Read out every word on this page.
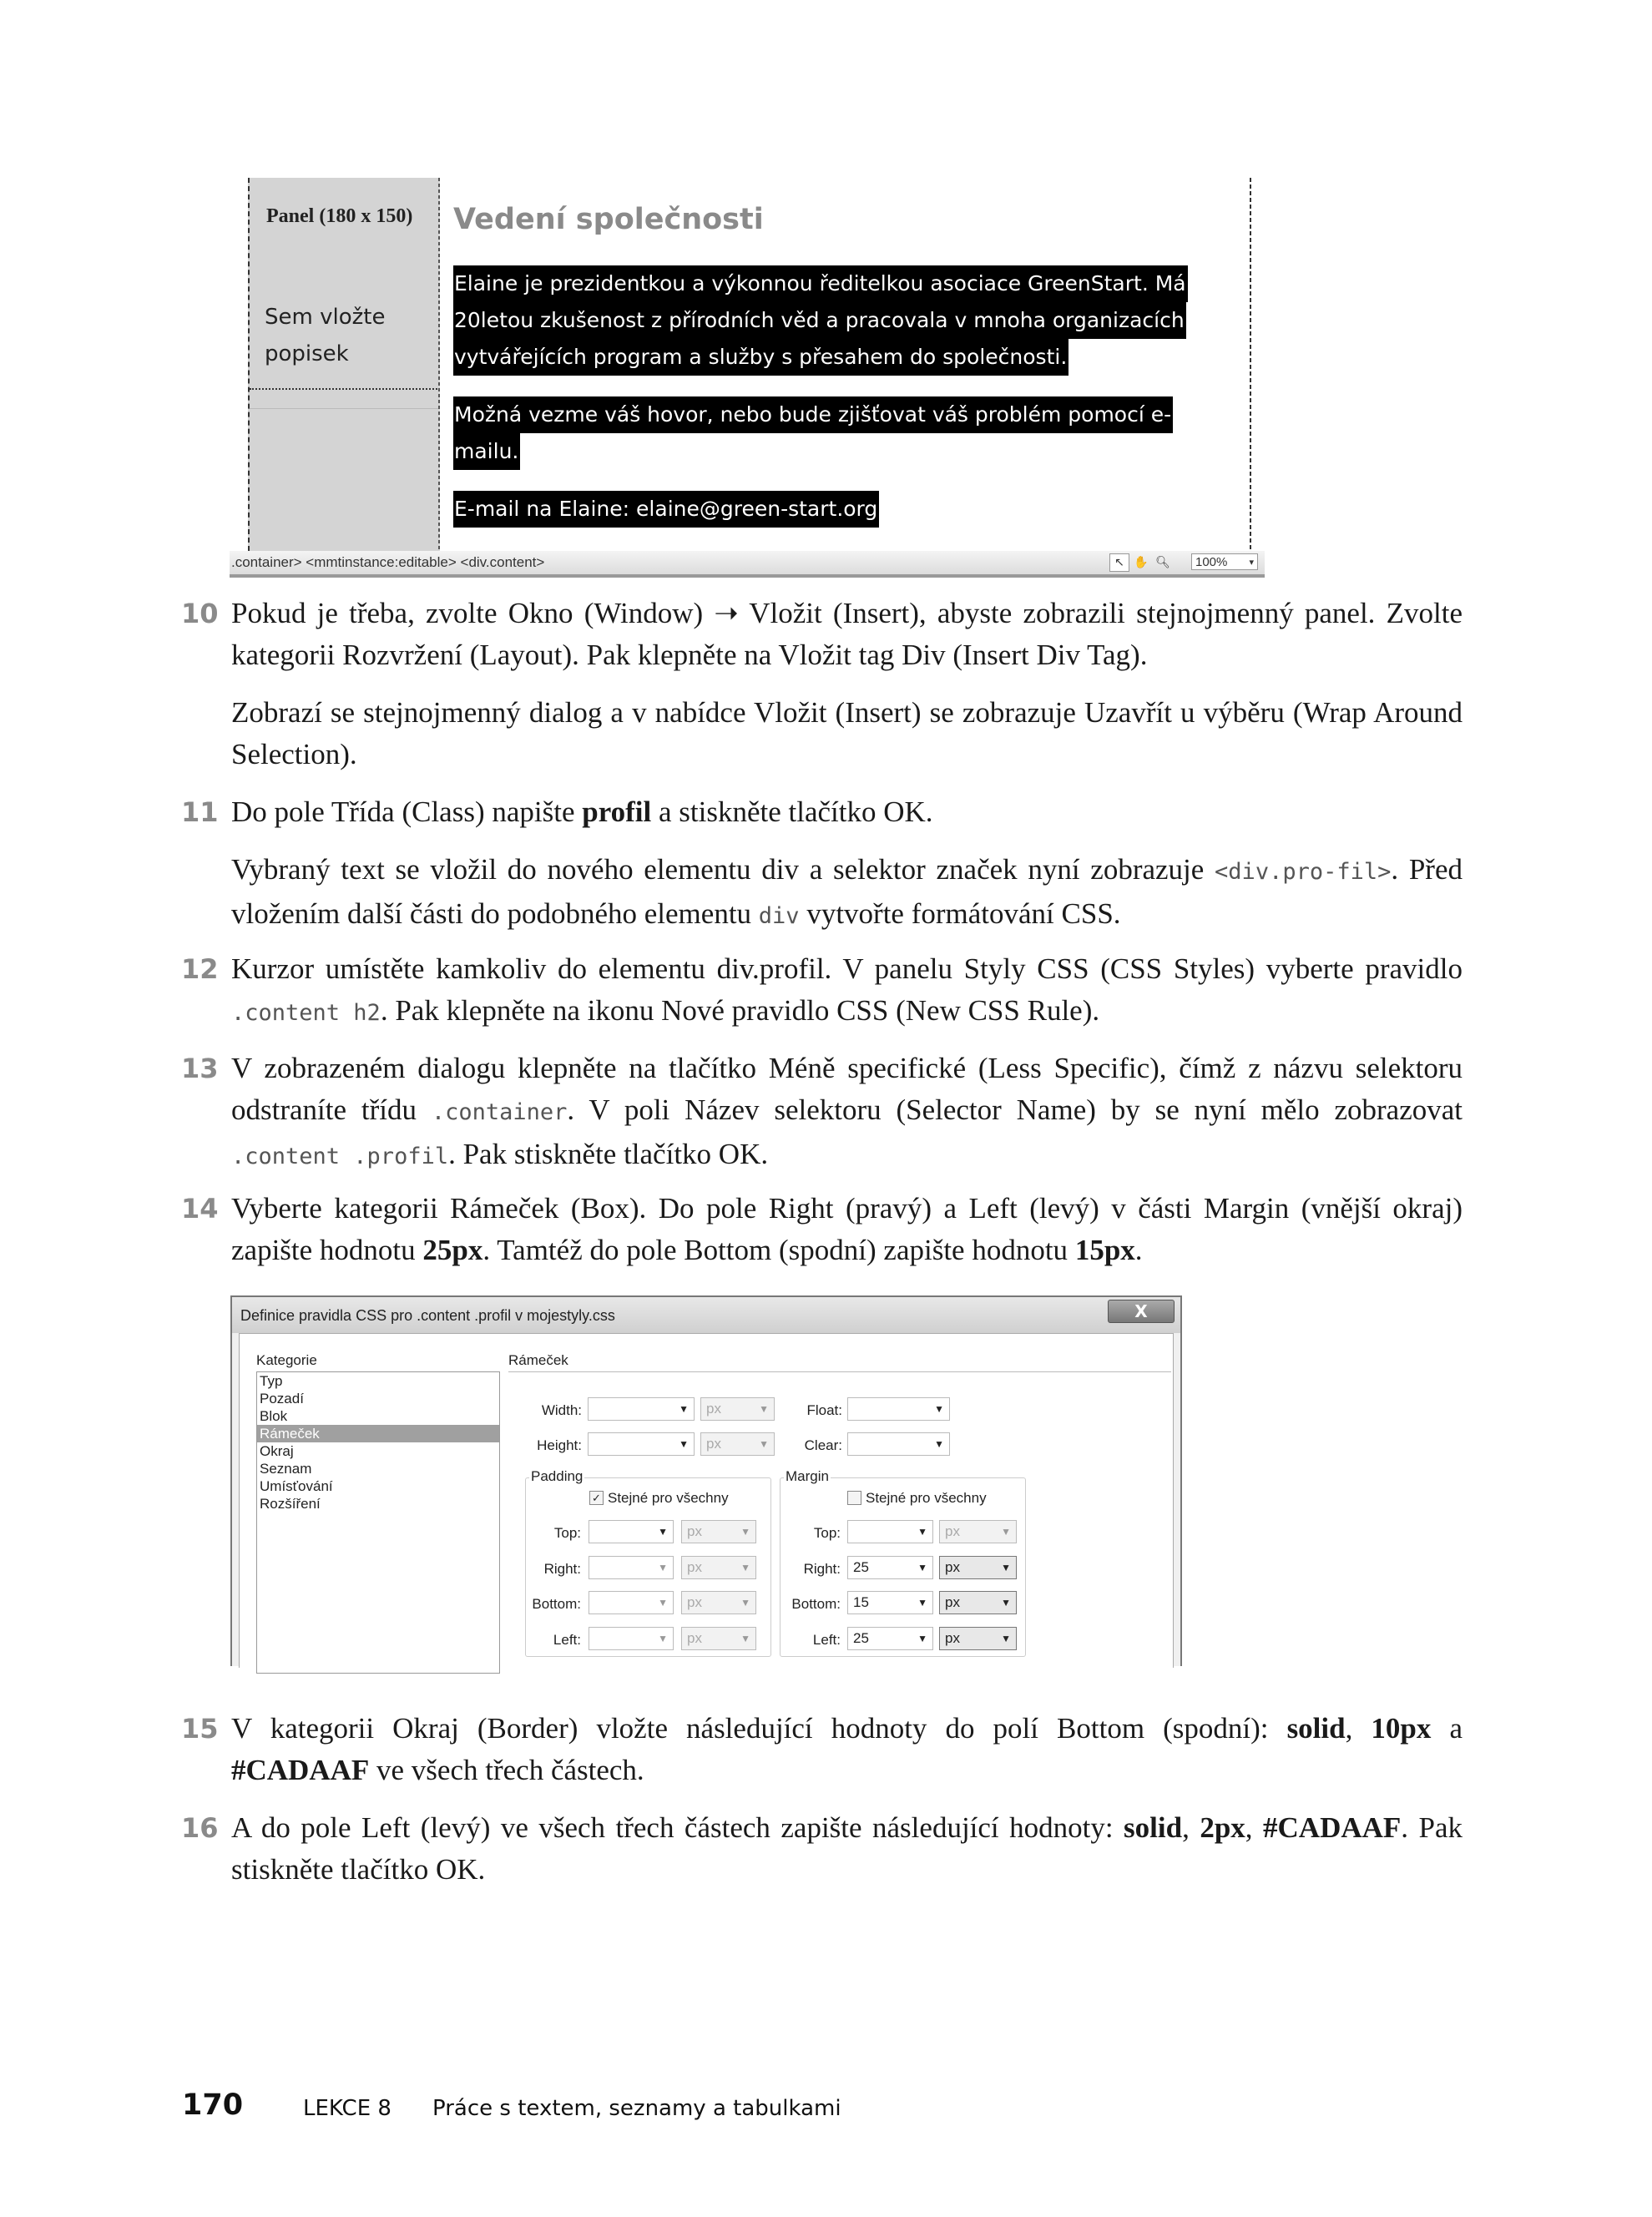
Panel (180 x 150)
Sem vložte
popisek
Vedení společnosti
Elaine je prezidentkou a výkonnou ředitelkou asociace GreenStart. Má
20letou zkušenost z přírodních věd a pracovala v mnoha organizacích
vytvářejících program a služby s přesahem do společnosti.
Možná vezme váš hovor, nebo bude zjišťovat váš problém pomocí e-
mailu.
E-mail na Elaine: elaine@green-start.org
.container> <mmtinstance:editable> <div.content>	↖ ✋ 🔍︎	100% ▾
10 Pokud je třeba, zvolte Okno (Window) ➝ Vložit (Insert), abyste zobrazili stejnojmenný panel. Zvolte kategorii Rozvržení (Layout). Pak klepněte na Vložit tag Div (Insert Div Tag).

Zobrazí se stejnojmenný dialog a v nabídce Vložit (Insert) se zobrazuje Uzavřít u výběru (Wrap Around Selection).

11 Do pole Třída (Class) napište profil a stiskněte tlačítko OK.

Vybraný text se vložil do nového elementu div a selektor značek nyní zobrazuje <div.pro-fil>. Před vložením další části do podobného elementu div vytvořte formátování CSS.

12 Kurzor umístěte kamkoliv do elementu div.profil. V panelu Styly CSS (CSS Styles) vyberte pravidlo .content h2. Pak klepněte na ikonu Nové pravidlo CSS (New CSS Rule).

13 V zobrazeném dialogu klepněte na tlačítko Méně specifické (Less Specific), čímž z názvu selektoru odstraníte třídu .container. V poli Název selektoru (Selector Name) by se nyní mělo zobrazovat .content .profil. Pak stiskněte tlačítko OK.

14 Vyberte kategorii Rámeček (Box). Do pole Right (pravý) a Left (levý) v části Margin (vnější okraj) zapište hodnotu 25px. Tamtéž do pole Bottom (spodní) zapište hodnotu 15px.

Definice pravidla CSS pro .content .profil v mojestyly.css	X
Kategorie
Typ
Pozadí
Blok
Rámeček
Okraj
Seznam
Umísťování
Rozšíření
Rámeček
Width:	▼	px	▼	Float:	▼
Height:	▼	px	▼	Clear:	▼
Padding
✓ Stejné pro všechny
Top:	▼	px	▼
Right:	▼	px	▼
Bottom:	▼	px	▼
Left:	▼	px	▼
Margin
Stejné pro všechny
Top:	▼	px	▼
Right: 25	▼	px	▼
Bottom: 15	▼	px	▼
Left: 25	▼	px	▼
15 V kategorii Okraj (Border) vložte následující hodnoty do polí Bottom (spodní): solid, 10px a #CADAAF ve všech třech částech.

16 A do pole Left (levý) ve všech třech částech zapište následující hodnoty: solid, 2px, #CADAAF. Pak stiskněte tlačítko OK.

170	LEKCE 8 Práce s textem, seznamy a tabulkami
